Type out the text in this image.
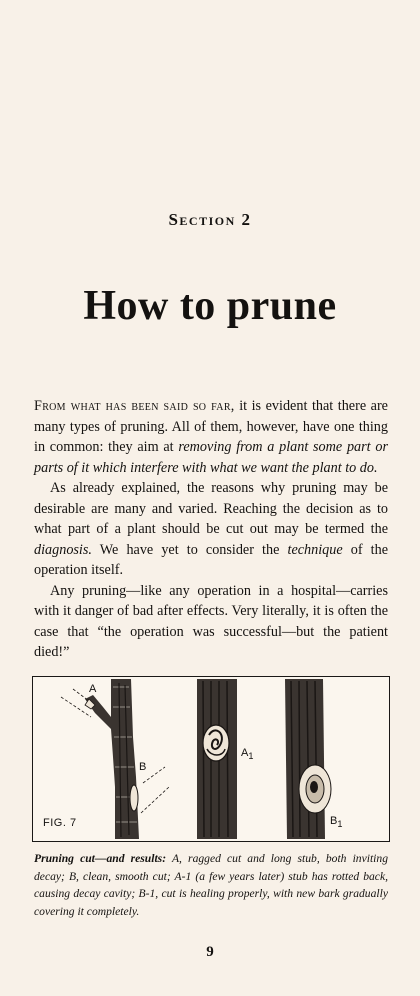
Section 2
How to prune

From what has been said so far, it is evident that there are many types of pruning. All of them, however, have one thing in common: they aim at removing from a plant some part or parts of it which interfere with what we want the plant to do.

As already explained, the reasons why pruning may be desirable are many and varied. Reaching the decision as to what part of a plant should be cut out may be termed the diagnosis. We have yet to consider the technique of the operation itself.

Any pruning—like any operation in a hospital—carries with it danger of bad after effects. Very literally, it is often the case that “the operation was successful—but the patient died!”

A
B
$A_1$
$B_1$
FIG. 7
Pruning cut—and results: A, ragged cut and long stub, both inviting decay; B, clean, smooth cut; A-1 (a few years later) stub has rotted back, causing decay cavity; B-1, cut is healing properly, with new bark gradually covering it completely.
9
